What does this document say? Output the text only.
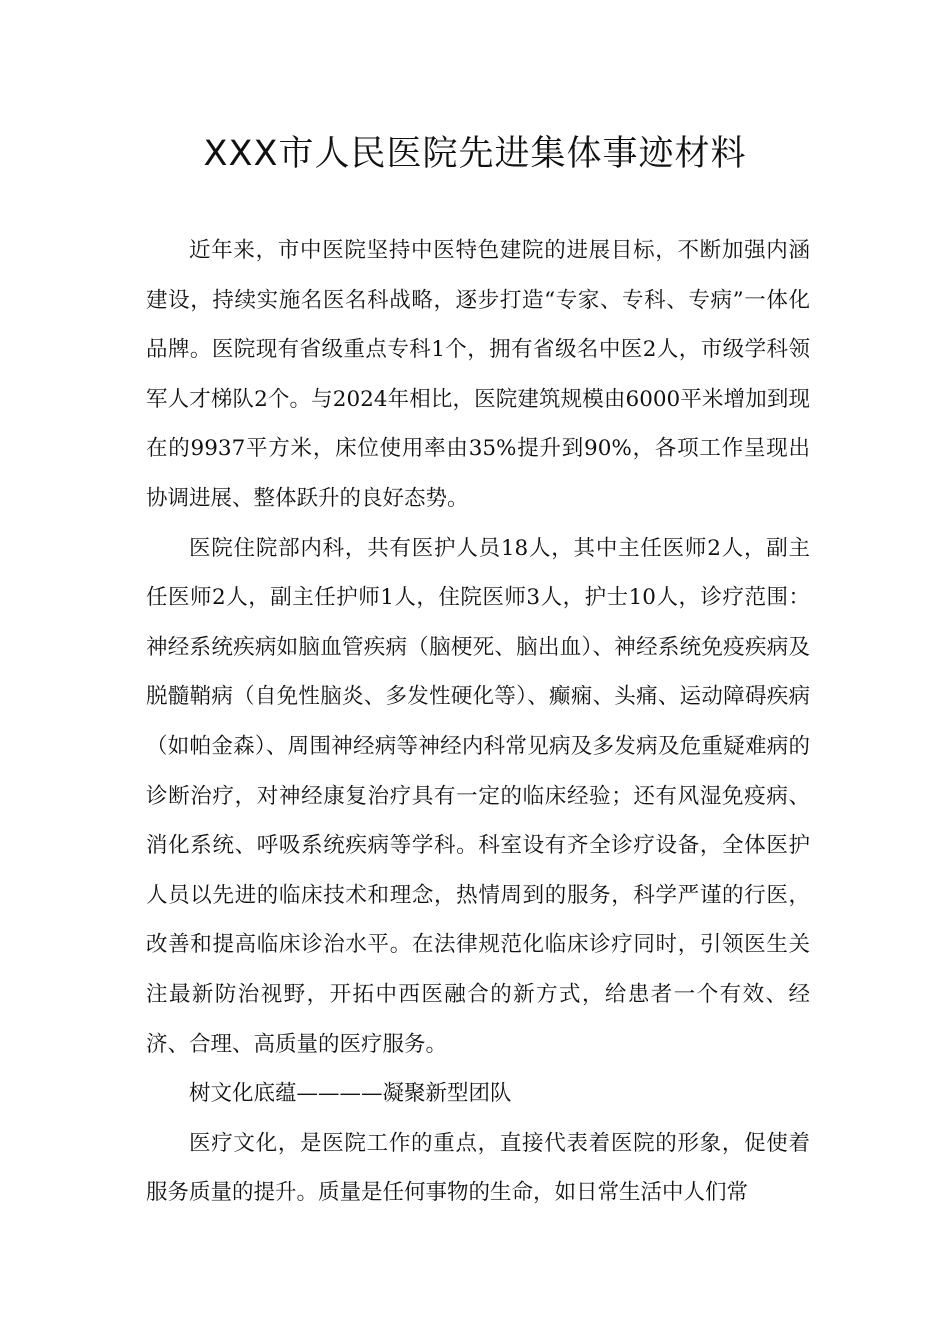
XXX市人民医院先进集体事迹材料

近年来，市中医院坚持中医特色建院的进展目标，不断加强内涵建设，持续实施名医名科战略，逐步打造“专家、专科、专病”一体化品牌。医院现有省级重点专科1个，拥有省级名中医2人，市级学科领军人才梯队2个。与2024年相比，医院建筑规模由6000平米增加到现在的9937平方米，床位使用率由35%提升到90%，各项工作呈现出协调进展、整体跃升的良好态势。

医院住院部内科，共有医护人员18人，其中主任医师2人，副主任医师2人，副主任护师1人，住院医师3人，护士10人，诊疗范围：神经系统疾病如脑血管疾病（脑梗死、脑出血）、神经系统免疫疾病及脱髓鞘病（自免性脑炎、多发性硬化等）、癫痫、头痛、运动障碍疾病（如帕金森）、周围神经病等神经内科常见病及多发病及危重疑难病的诊断治疗，对神经康复治疗具有一定的临床经验；还有风湿免疫病、消化系统、呼吸系统疾病等学科。科室设有齐全诊疗设备，全体医护人员以先进的临床技术和理念，热情周到的服务，科学严谨的行医，改善和提高临床诊治水平。在法律规范化临床诊疗同时，引领医生关注最新防治视野，开拓中西医融合的新方式，给患者一个有效、经济、合理、高质量的医疗服务。

树文化底蕴————凝聚新型团队

医疗文化，是医院工作的重点，直接代表着医院的形象，促使着服务质量的提升。质量是任何事物的生命，如日常生活中人们常
